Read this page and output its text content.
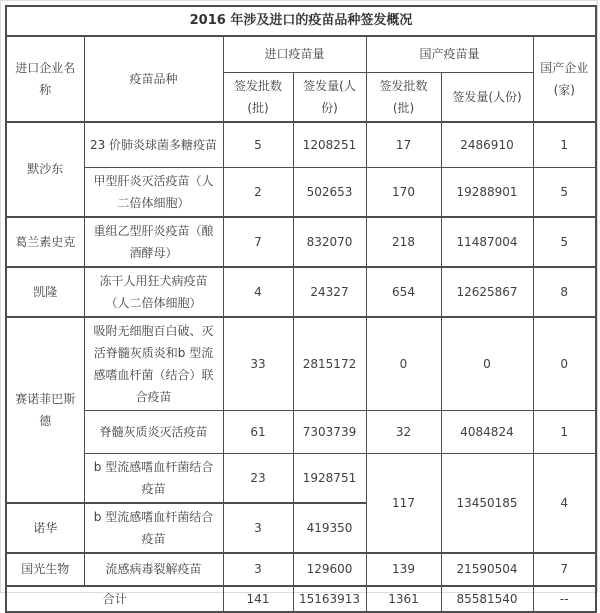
2016 年涉及进口的疫苗品种签发概况						
进口企业名称	疫苗品种	进口疫苗量		国产疫苗量		国产企业(家)
		签发批数(批)	签发量(人份)	签发批数(批)	签发量(人份)	
默沙东	23 价肺炎球菌多糖疫苗	5	1208251	17	2486910	1
	甲型肝炎灭活疫苗（人二倍体细胞）	2	502653	170	19288901	5
葛兰素史克	重组乙型肝炎疫苗（酿酒酵母）	7	832070	218	11487004	5
凯隆	冻干人用狂犬病疫苗（人二倍体细胞）	4	24327	654	12625867	8
赛诺菲巴斯德	吸附无细胞百白破、灭活脊髓灰质炎和b 型流感嗜血杆菌（结合）联合疫苗	33	2815172	0	0	0
	脊髓灰质炎灭活疫苗	61	7303739	32	4084824	1
	b 型流感嗜血杆菌结合疫苗	23	1928751	117	13450185	4
诺华	b 型流感嗜血杆菌结合疫苗	3	419350			
国光生物	流感病毒裂解疫苗	3	129600	139	21590504	7
合计		141	15163913	1361	85581540	--
